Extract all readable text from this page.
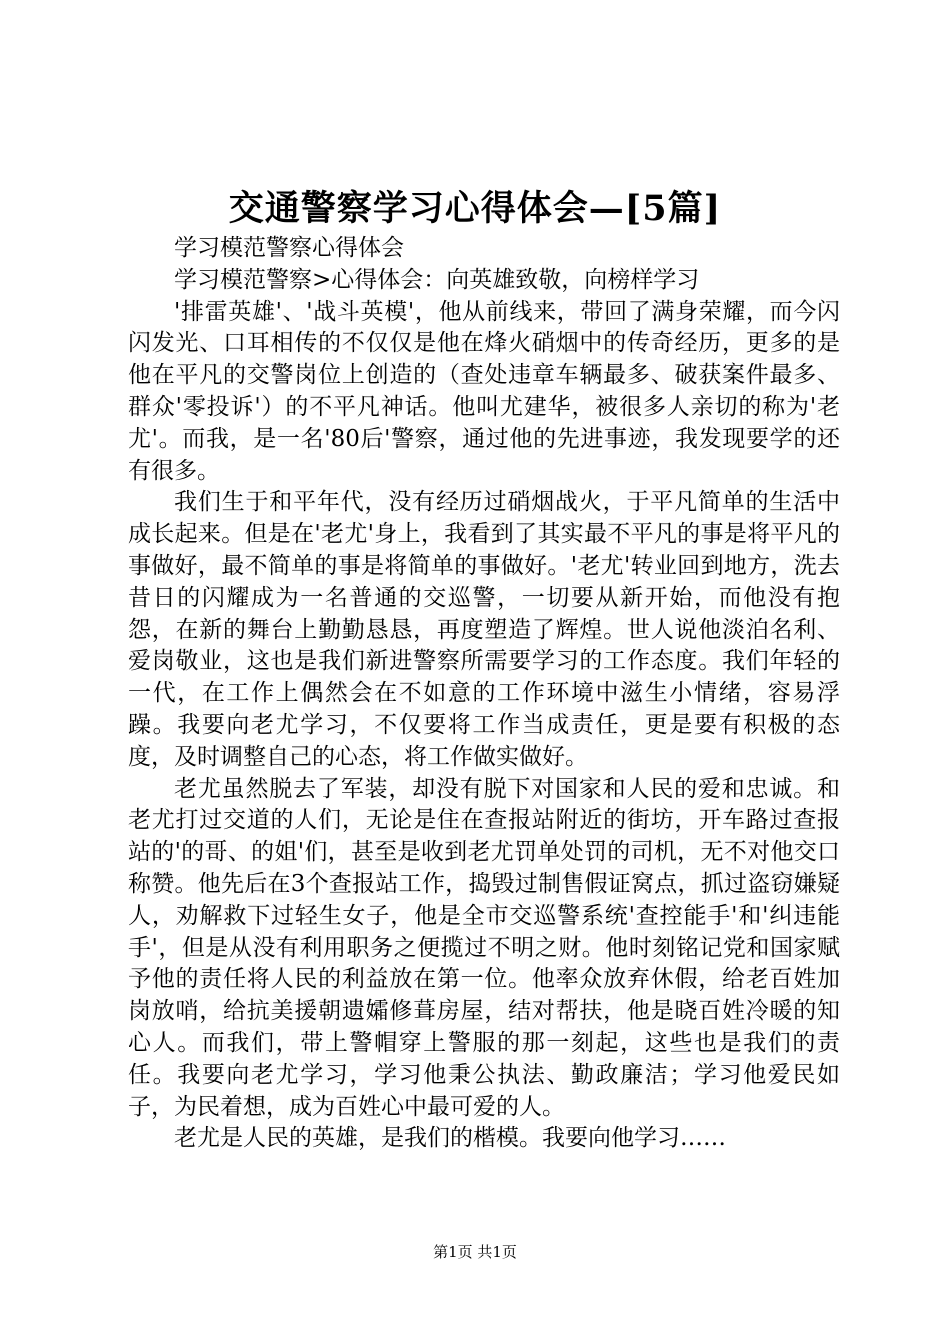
交通警察学习心得体会—[5篇]

学习模范警察心得体会

学习模范警察>心得体会：向英雄致敬，向榜样学习

'排雷英雄'、'战斗英模'，他从前线来，带回了满身荣耀，而今闪闪发光、口耳相传的不仅仅是他在烽火硝烟中的传奇经历，更多的是他在平凡的交警岗位上创造的（查处违章车辆最多、破获案件最多、群众'零投诉'）的不平凡神话。他叫尤建华，被很多人亲切的称为'老尤'。而我，是一名'80后'警察，通过他的先进事迹，我发现要学的还有很多。

我们生于和平年代，没有经历过硝烟战火，于平凡简单的生活中成长起来。但是在'老尤'身上，我看到了其实最不平凡的事是将平凡的事做好，最不简单的事是将简单的事做好。'老尤'转业回到地方，洗去昔日的闪耀成为一名普通的交巡警，一切要从新开始，而他没有抱怨，在新的舞台上勤勤恳恳，再度塑造了辉煌。世人说他淡泊名利、爱岗敬业，这也是我们新进警察所需要学习的工作态度。我们年轻的一代，在工作上偶然会在不如意的工作环境中滋生小情绪，容易浮躁。我要向老尤学习，不仅要将工作当成责任，更是要有积极的态度，及时调整自己的心态，将工作做实做好。

老尤虽然脱去了军装，却没有脱下对国家和人民的爱和忠诚。和老尤打过交道的人们，无论是住在查报站附近的街坊，开车路过查报站的'的哥、的姐'们，甚至是收到老尤罚单处罚的司机，无不对他交口称赞。他先后在3个查报站工作，捣毁过制售假证窝点，抓过盗窃嫌疑人，劝解救下过轻生女子，他是全市交巡警系统'查控能手'和'纠违能手'，但是从没有利用职务之便揽过不明之财。他时刻铭记党和国家赋予他的责任将人民的利益放在第一位。他率众放弃休假，给老百姓加岗放哨，给抗美援朝遗孀修葺房屋，结对帮扶，他是晓百姓冷暖的知心人。而我们，带上警帽穿上警服的那一刻起，这些也是我们的责任。我要向老尤学习，学习他秉公执法、勤政廉洁；学习他爱民如子，为民着想，成为百姓心中最可爱的人。

老尤是人民的英雄，是我们的楷模。我要向他学习……

第1页 共1页
